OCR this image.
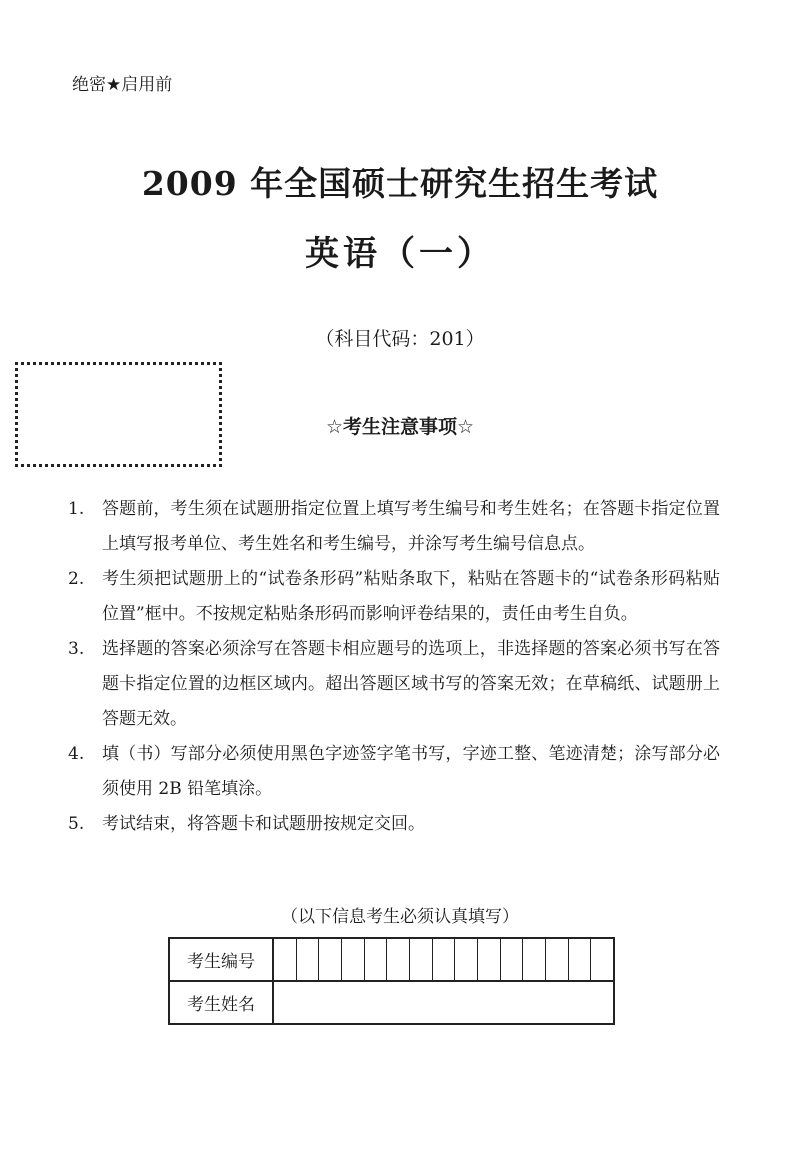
绝密★启用前
2009 年全国硕士研究生招生考试
英语（一）
（科目代码：201）
☆考生注意事项☆
1. 答题前，考生须在试题册指定位置上填写考生编号和考生姓名；在答题卡指定位置上填写报考单位、考生姓名和考生编号，并涂写考生编号信息点。
2. 考生须把试题册上的“试卷条形码”粘贴条取下，粘贴在答题卡的“试卷条形码粘贴位置”框中。不按规定粘贴条形码而影响评卷结果的，责任由考生自负。
3. 选择题的答案必须涂写在答题卡相应题号的选项上，非选择题的答案必须书写在答题卡指定位置的边框区域内。超出答题区域书写的答案无效；在草稿纸、试题册上答题无效。
4. 填（书）写部分必须使用黑色字迹签字笔书写，字迹工整、笔迹清楚；涂写部分必须使用 2B 铅笔填涂。
5. 考试结束，将答题卡和试题册按规定交回。
（以下信息考生必须认真填写）
考生编号
考生姓名
